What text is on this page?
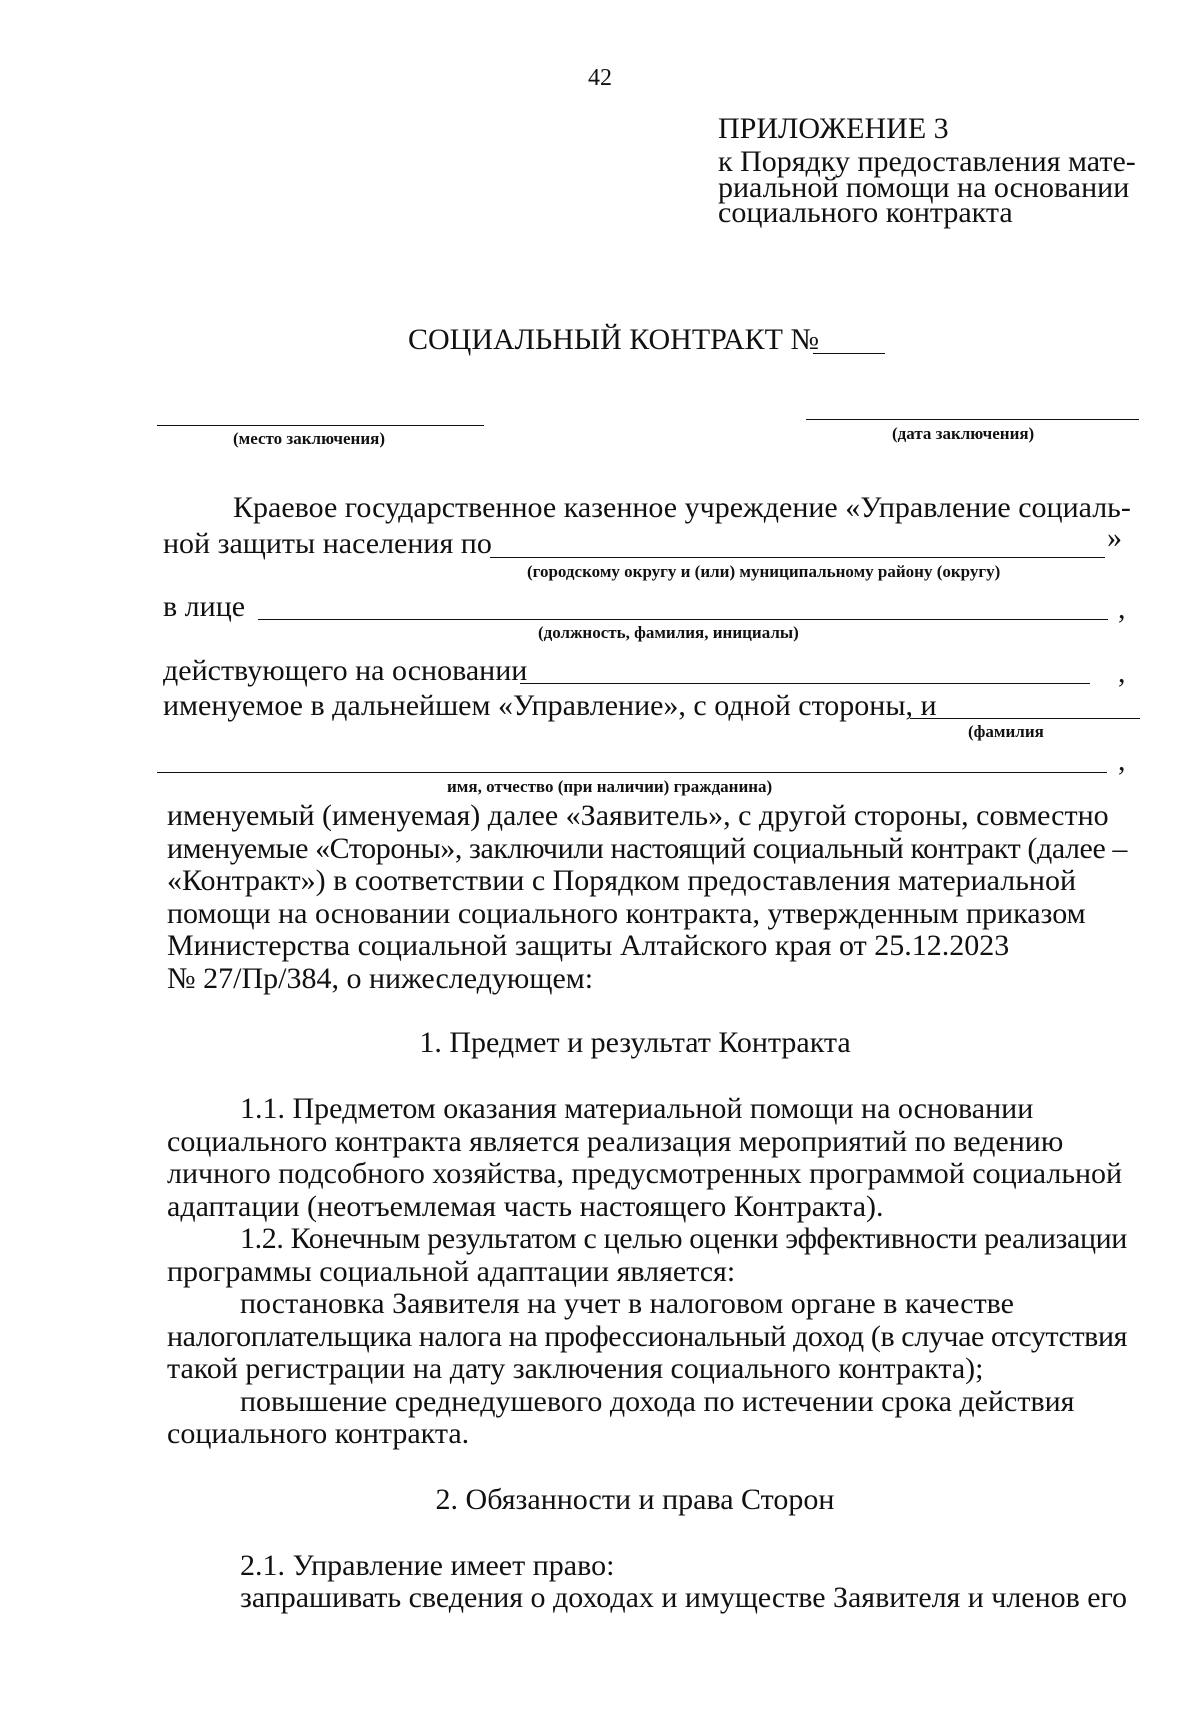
42
ПРИЛОЖЕНИЕ 3
к Порядку предоставления мате-
риальной помощи на основании
социального контракта
СОЦИАЛЬНЫЙ КОНТРАКТ №
(место заключения)	(дата заключения)
Краевое государственное казенное учреждение «Управление социаль-
ной защиты населения по	»
(городскому округу и (или) муниципальному району (округу)
в лице	,
(должность, фамилия, инициалы)
действующего на основании	,
именуемое в дальнейшем «Управление», с одной стороны, и
(фамилия
,
имя, отчество (при наличии) гражданина)
именуемый (именуемая) далее «Заявитель», с другой стороны, совместно
именуемые «Стороны», заключили настоящий социальный контракт (далее –
«Контракт») в соответствии с Порядком предоставления материальной
помощи на основании социального контракта, утвержденным приказом
Министерства социальной защиты Алтайского края от 25.12.2023
№ 27/Пр/384, о нижеследующем:
1. Предмет и результат Контракта
1.1. Предметом оказания материальной помощи на основании
социального контракта является реализация мероприятий по ведению
личного подсобного хозяйства, предусмотренных программой социальной
адаптации (неотъемлемая часть настоящего Контракта).
1.2. Конечным результатом с целью оценки эффективности реализации
программы социальной адаптации является:
постановка Заявителя на учет в налоговом органе в качестве
налогоплательщика налога на профессиональный доход (в случае отсутствия
такой регистрации на дату заключения социального контракта);
повышение среднедушевого дохода по истечении срока действия
социального контракта.
2. Обязанности и права Сторон
2.1. Управление имеет право:
запрашивать сведения о доходах и имуществе Заявителя и членов его
